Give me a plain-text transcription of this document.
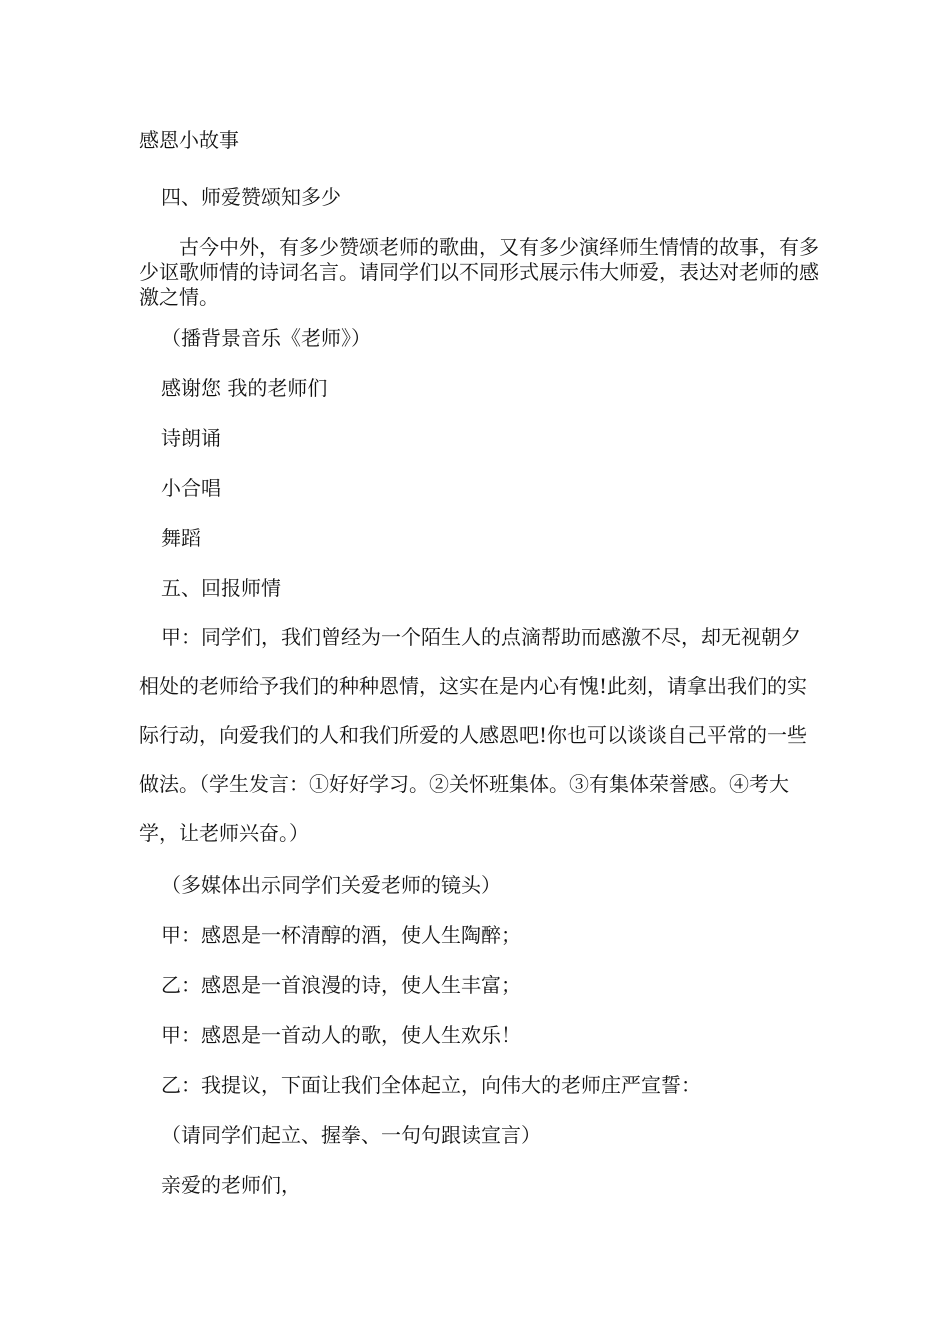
感恩小故事
四、师爱赞颂知多少
古今中外，有多少赞颂老师的歌曲，又有多少演绎师生情情的故事，有多少讴歌师情的诗词名言。请同学们以不同形式展示伟大师爱，表达对老师的感激之情。
（播背景音乐《老师》）
感谢您 我的老师们
诗朗诵
小合唱
舞蹈
五、回报师情
甲：同学们，我们曾经为一个陌生人的点滴帮助而感激不尽，却无视朝夕相处的老师给予我们的种种恩情，这实在是内心有愧!此刻，请拿出我们的实际行动，向爱我们的人和我们所爱的人感恩吧!你也可以谈谈自己平常的一些做法。（学生发言：①好好学习。②关怀班集体。③有集体荣誉感。④考大学，让老师兴奋。）
（多媒体出示同学们关爱老师的镜头）
甲：感恩是一杯清醇的酒，使人生陶醉；
乙：感恩是一首浪漫的诗，使人生丰富；
甲：感恩是一首动人的歌，使人生欢乐！
乙：我提议，下面让我们全体起立，向伟大的老师庄严宣誓：
（请同学们起立、握拳、一句句跟读宣言）
亲爱的老师们，
